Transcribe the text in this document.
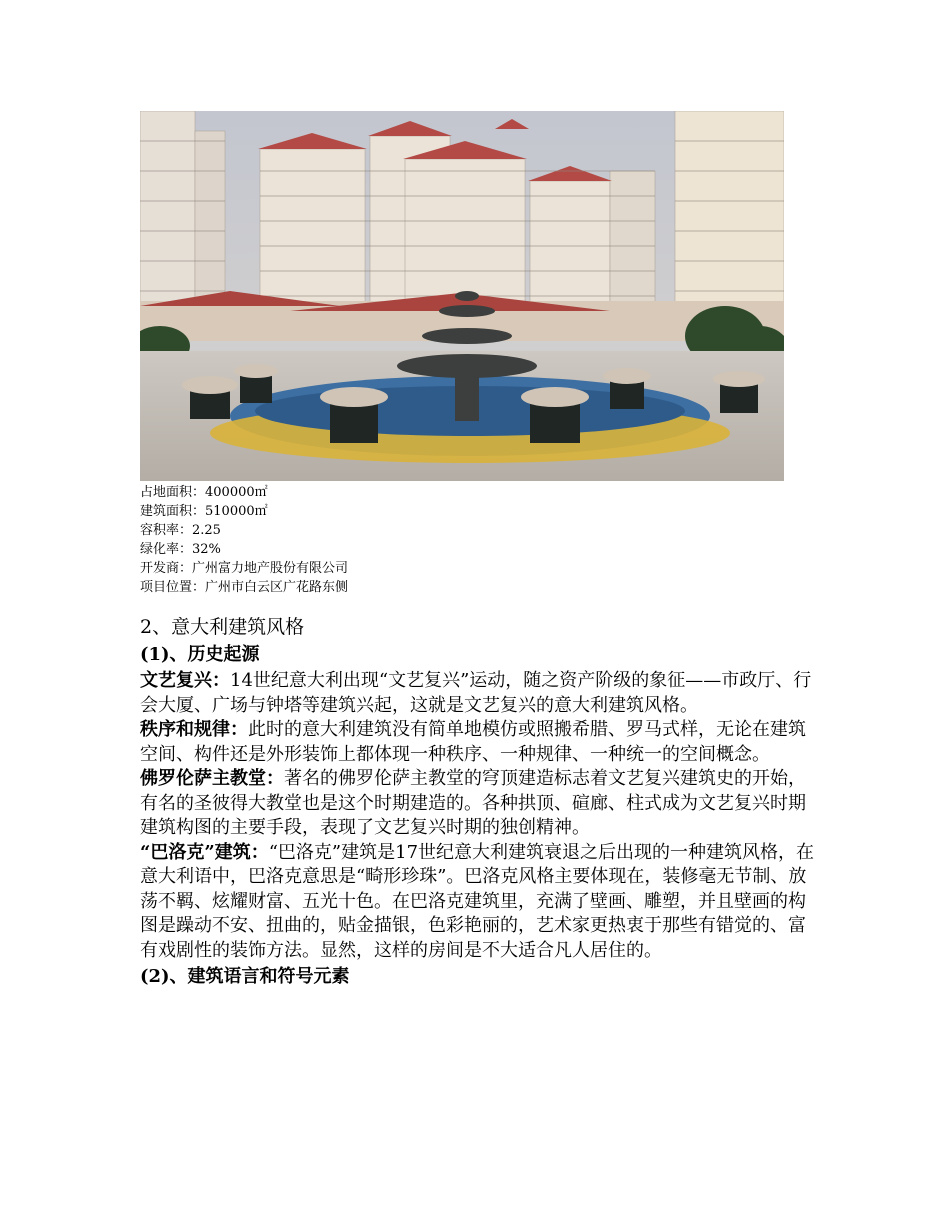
占地面积：400000㎡
建筑面积：510000㎡
容积率：2.25
绿化率：32%
开发商：广州富力地产股份有限公司
项目位置：广州市白云区广花路东侧
2、意大利建筑风格
(1)、历史起源

文艺复兴：14世纪意大利出现“文艺复兴”运动，随之资产阶级的象征——市政厅、行会大厦、广场与钟塔等建筑兴起，这就是文艺复兴的意大利建筑风格。

秩序和规律：此时的意大利建筑没有简单地模仿或照搬希腊、罗马式样，无论在建筑空间、构件还是外形装饰上都体现一种秩序、一种规律、一种统一的空间概念。

佛罗伦萨主教堂：著名的佛罗伦萨主教堂的穹顶建造标志着文艺复兴建筑史的开始，有名的圣彼得大教堂也是这个时期建造的。各种拱顶、碹廊、柱式成为文艺复兴时期建筑构图的主要手段，表现了文艺复兴时期的独创精神。

“巴洛克”建筑：“巴洛克”建筑是17世纪意大利建筑衰退之后出现的一种建筑风格，在意大利语中，巴洛克意思是“畸形珍珠”。巴洛克风格主要体现在，装修毫无节制、放荡不羁、炫耀财富、五光十色。在巴洛克建筑里，充满了壁画、雕塑，并且壁画的构图是躁动不安、扭曲的，贴金描银，色彩艳丽的，艺术家更热衷于那些有错觉的、富有戏剧性的装饰方法。显然，这样的房间是不大适合凡人居住的。

(2)、建筑语言和符号元素
